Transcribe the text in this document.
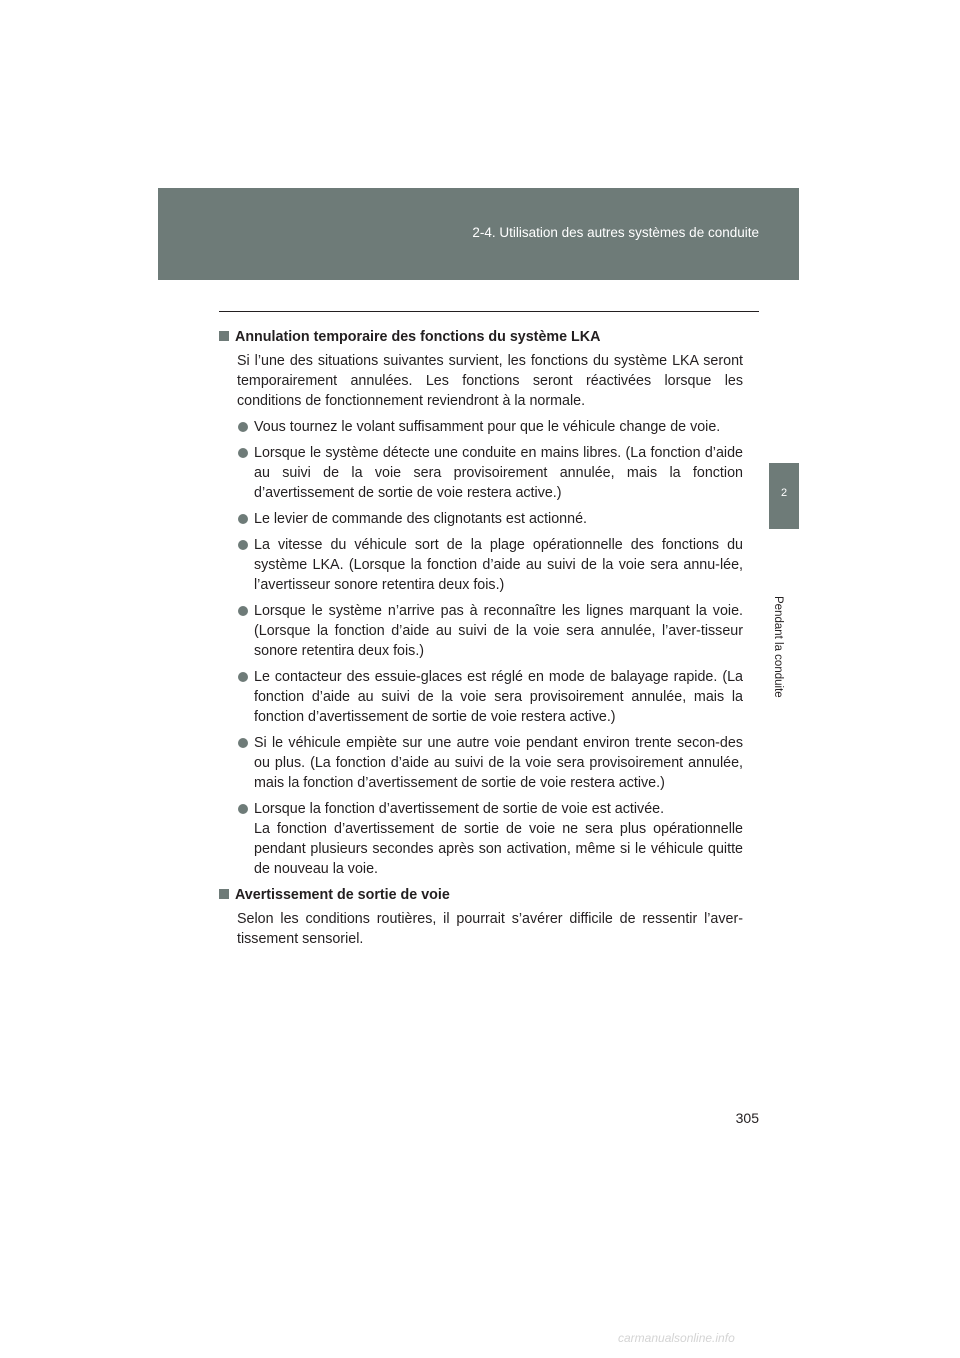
2-4. Utilisation des autres systèmes de conduite
2
Pendant la conduite
Annulation temporaire des fonctions du système LKA

Si l’une des situations suivantes survient, les fonctions du système LKA seront temporairement annulées. Les fonctions seront réactivées lorsque les conditions de fonctionnement reviendront à la normale.

Vous tournez le volant suffisamment pour que le véhicule change de voie.
Lorsque le système détecte une conduite en mains libres. (La fonction d’aide au suivi de la voie sera provisoirement annulée, mais la fonction d’avertissement de sortie de voie restera active.)
Le levier de commande des clignotants est actionné.
La vitesse du véhicule sort de la plage opérationnelle des fonctions du système LKA. (Lorsque la fonction d’aide au suivi de la voie sera annu-lée, l’avertisseur sonore retentira deux fois.)
Lorsque le système n’arrive pas à reconnaître les lignes marquant la voie. (Lorsque la fonction d’aide au suivi de la voie sera annulée, l’aver-tisseur sonore retentira deux fois.)
Le contacteur des essuie-glaces est réglé en mode de balayage rapide. (La fonction d’aide au suivi de la voie sera provisoirement annulée, mais la fonction d’avertissement de sortie de voie restera active.)
Si le véhicule empiète sur une autre voie pendant environ trente secon-des ou plus. (La fonction d’aide au suivi de la voie sera provisoirement annulée, mais la fonction d’avertissement de sortie de voie restera active.)
Lorsque la fonction d’avertissement de sortie de voie est activée.
La fonction d’avertissement de sortie de voie ne sera plus opérationnelle pendant plusieurs secondes après son activation, même si le véhicule quitte de nouveau la voie.
Avertissement de sortie de voie

Selon les conditions routières, il pourrait s’avérer difficile de ressentir l’aver-tissement sensoriel.

305
carmanualsonline.info
